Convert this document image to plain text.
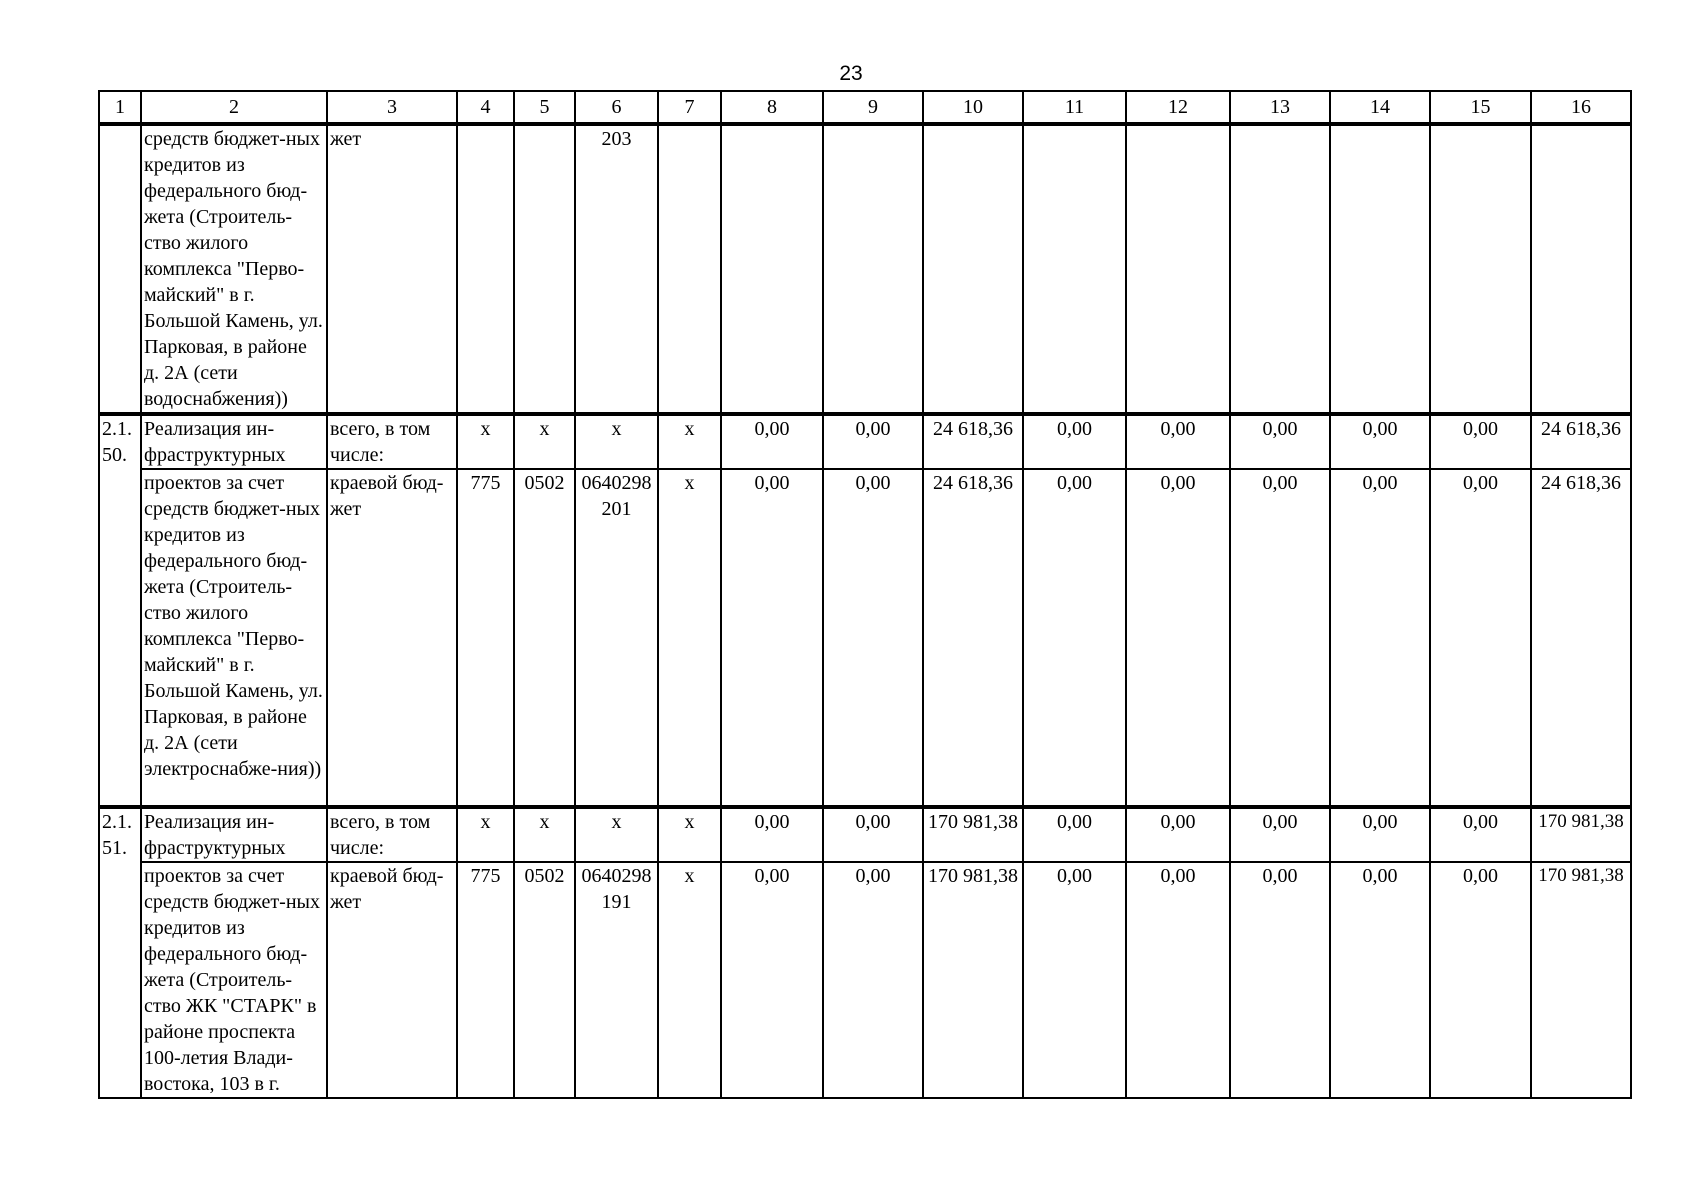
23
1	2	3	4	5	6	7	8	9	10	11	12	13	14	15	16
	средств бюджет-ных кредитов из федерального бюд-жета (Строитель-ство жилого комплекса "Перво-майский" в г. Большой Камень, ул. Парковая, в районе д. 2А (сети водоснабжения))	жет			203										
2.1.50.	Реализация ин-фраструктурных	всего, в том числе:	x	x	x	x	0,00	0,00	24 618,36	0,00	0,00	0,00	0,00	0,00	24 618,36
	проектов за счет средств бюджет-ных кредитов из федерального бюд-жета (Строитель-ство жилого комплекса "Перво-майский" в г. Большой Камень, ул. Парковая, в районе д. 2А (сети электроснабже-ния))	краевой бюд-жет	775	0502	0640298201	x	0,00	0,00	24 618,36	0,00	0,00	0,00	0,00	0,00	24 618,36
2.1.51.	Реализация ин-фраструктурных	всего, в том числе:	x	x	x	x	0,00	0,00	170 981,38	0,00	0,00	0,00	0,00	0,00	170 981,38
	проектов за счет средств бюджет-ных кредитов из федерального бюд-жета (Строитель-ство ЖК "СТАРК" в районе проспекта 100-летия Влади-востока, 103 в г.	краевой бюд-жет	775	0502	0640298191	x	0,00	0,00	170 981,38	0,00	0,00	0,00	0,00	0,00	170 981,38
